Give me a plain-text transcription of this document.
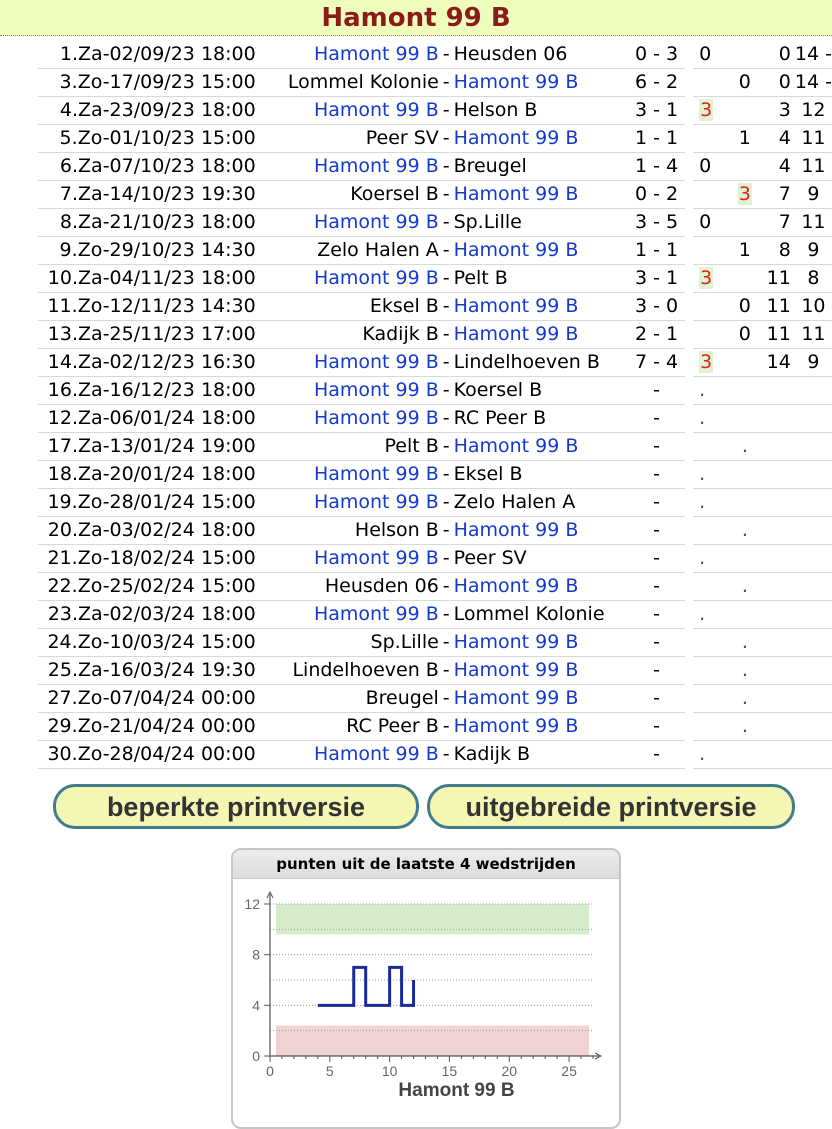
Hamont 99 B
1.Za-02/09/23 18:00	Hamont 99 B	-	Heusden 06	0 - 3		0		0	14 -
3.Zo-17/09/23 15:00	Lommel Kolonie	-	Hamont 99 B	6 - 2			0	0	14 -
4.Za-23/09/23 18:00	Hamont 99 B	-	Helson B	3 - 1		3		3	12
5.Zo-01/10/23 15:00	Peer SV	-	Hamont 99 B	1 - 1			1	4	11
6.Za-07/10/23 18:00	Hamont 99 B	-	Breugel	1 - 4		0		4	11
7.Za-14/10/23 19:30	Koersel B	-	Hamont 99 B	0 - 2			3	7	9
8.Za-21/10/23 18:00	Hamont 99 B	-	Sp.Lille	3 - 5		0		7	11
9.Zo-29/10/23 14:30	Zelo Halen A	-	Hamont 99 B	1 - 1			1	8	9
10.Za-04/11/23 18:00	Hamont 99 B	-	Pelt B	3 - 1		3		11	8
11.Zo-12/11/23 14:30	Eksel B	-	Hamont 99 B	3 - 0			0	11	10
13.Za-25/11/23 17:00	Kadijk B	-	Hamont 99 B	2 - 1			0	11	11
14.Za-02/12/23 16:30	Hamont 99 B	-	Lindelhoeven B	7 - 4		3		14	9
16.Za-16/12/23 18:00	Hamont 99 B	-	Koersel B	-		.			
12.Za-06/01/24 18:00	Hamont 99 B	-	RC Peer B	-		.			
17.Za-13/01/24 19:00	Pelt B	-	Hamont 99 B	-			.		
18.Za-20/01/24 18:00	Hamont 99 B	-	Eksel B	-		.			
19.Zo-28/01/24 15:00	Hamont 99 B	-	Zelo Halen A	-		.			
20.Za-03/02/24 18:00	Helson B	-	Hamont 99 B	-			.		
21.Zo-18/02/24 15:00	Hamont 99 B	-	Peer SV	-		.			
22.Zo-25/02/24 15:00	Heusden 06	-	Hamont 99 B	-			.		
23.Za-02/03/24 18:00	Hamont 99 B	-	Lommel Kolonie	-		.			
24.Zo-10/03/24 15:00	Sp.Lille	-	Hamont 99 B	-			.		
25.Za-16/03/24 19:30	Lindelhoeven B	-	Hamont 99 B	-			.		
27.Zo-07/04/24 00:00	Breugel	-	Hamont 99 B	-			.		
29.Zo-21/04/24 00:00	RC Peer B	-	Hamont 99 B	-			.		
30.Zo-28/04/24 00:00	Hamont 99 B	-	Kadijk B	-		.			
beperkte printversie	uitgebreide printversie
punten uit de laatste 4 wedstrijden
0	5	10	15	20	25
0
4
8
12
Hamont 99 B
